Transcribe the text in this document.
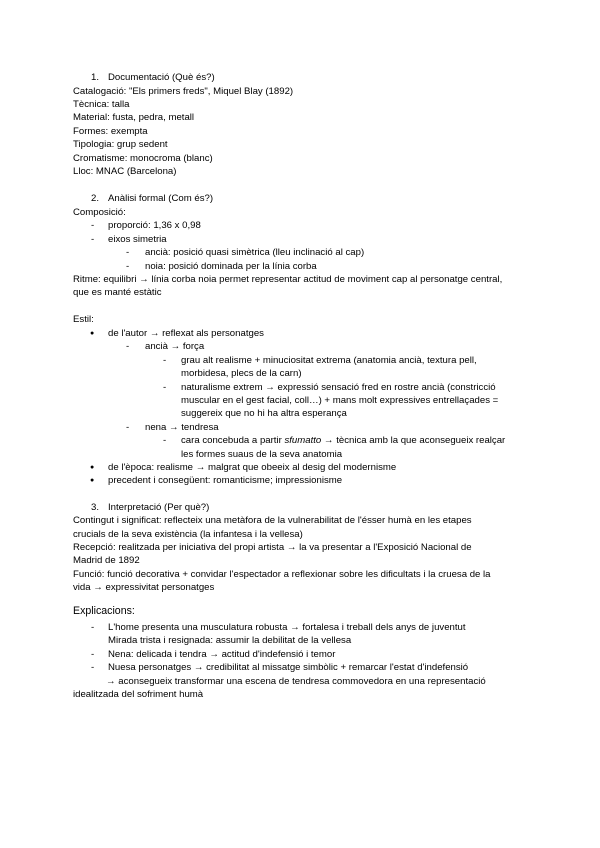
1. Documentació (Què és?)
Catalogació: "Els primers freds", Miquel Blay (1892)
Tècnica: talla
Material: fusta, pedra, metall
Formes: exempta
Tipologia: grup sedent
Cromatisme: monocroma (blanc)
Lloc: MNAC (Barcelona)
2. Anàlisi formal (Com és?)
Composició:
- proporció: 1,36 x 0,98
- eixos simetria
- ancià: posició quasi simètrica (lleu inclinació al cap)
- noia: posició dominada per la línia corba
Ritme: equilibri → línia corba noia permet representar actitud de moviment cap al personatge central,
que es manté estàtic
Estil:
● de l'autor → reflexat als personatges
- ancià → força
- grau alt realisme + minuciositat extrema (anatomia ancià, textura pell,
morbidesa, plecs de la carn)
- naturalisme extrem → expressió sensació fred en rostre ancià (constricció
muscular en el gest facial, coll…) + mans molt expressives entrellaçades =
suggereix que no hi ha altra esperança
- nena → tendresa
- cara concebuda a partir sfumatto → tècnica amb la que aconsegueix realçar
les formes suaus de la seva anatomia
● de l'època: realisme → malgrat que obeeix al desig del modernisme
● precedent i consegüent: romanticisme; impressionisme
3. Interpretació (Per què?)
Contingut i significat: reflecteix una metàfora de la vulnerabilitat de l'ésser humà en les etapes
crucials de la seva existència (la infantesa i la vellesa)
Recepció: realitzada per iniciativa del propi artista → la va presentar a l'Exposició Nacional de
Madrid de 1892
Funció: funció decorativa + convidar l'espectador a reflexionar sobre les dificultats i la cruesa de la
vida → expressivitat personatges
Explicacions:
- L'home presenta una musculatura robusta → fortalesa i treball dels anys de juventut
Mirada trista i resignada: assumir la debilitat de la vellesa
- Nena: delicada i tendra → actitud d'indefensió i temor
- Nuesa personatges → credibilitat al missatge simbòlic + remarcar l'estat d'indefensió
→ aconsegueix transformar una escena de tendresa commovedora en una representació
idealitzada del sofriment humà
